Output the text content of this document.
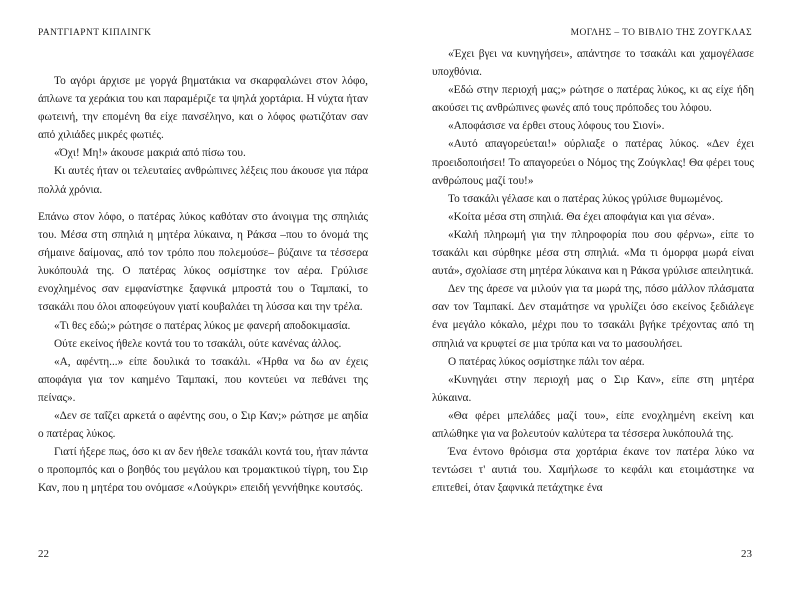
ΡΑΝΤΓΙΑΡΝΤ ΚΙΠΛΙΝΓΚ

Το αγόρι άρχισε με γοργά βηματάκια να σκαρφαλώνει στον λόφο, άπλωνε τα χεράκια του και παραμέριζε τα ψηλά χορτάρια. Η νύχτα ήταν φωτεινή, την επομένη θα είχε πανσέληνο, και ο λόφος φωτιζόταν σαν από χιλιάδες μικρές φωτιές.

«Όχι! Μη!» άκουσε μακριά από πίσω του.

Κι αυτές ήταν οι τελευταίες ανθρώπινες λέξεις που άκουσε για πάρα πολλά χρόνια.

Επάνω στον λόφο, ο πατέρας λύκος καθόταν στο άνοιγμα της σπηλιάς του. Μέσα στη σπηλιά η μητέρα λύκαινα, η Ράκσα –που το όνομά της σήμαινε δαίμονας, από τον τρόπο που πολεμούσε– βύζαινε τα τέσσερα λυκόπουλά της. Ο πατέρας λύκος οσμίστηκε τον αέρα. Γρύλισε ενοχλημένος σαν εμφανίστηκε ξαφνικά μπροστά του ο Ταμπακί, το τσακάλι που όλοι αποφεύγουν γιατί κουβαλάει τη λύσσα και την τρέλα.

«Τι θες εδώ;» ρώτησε ο πατέρας λύκος με φανερή αποδοκιμασία.

Ούτε εκείνος ήθελε κοντά του το τσακάλι, ούτε κανένας άλλος.

«Α, αφέντη...» είπε δουλικά το τσακάλι. «Ήρθα να δω αν έχεις αποφάγια για τον καημένο Ταμπακί, που κοντεύει να πεθάνει της πείνας».

«Δεν σε ταΐζει αρκετά ο αφέντης σου, ο Σιρ Καν;» ρώτησε με αηδία ο πατέρας λύκος.

Γιατί ήξερε πως, όσο κι αν δεν ήθελε τσακάλι κοντά του, ήταν πάντα ο προπομπός και ο βοηθός του μεγάλου και τρομακτικού τίγρη, του Σιρ Καν, που η μητέρα του ονόμασε «Λούγκρι» επειδή γεννήθηκε κουτσός.

22
ΜΟΓΛΗΣ – ΤΟ ΒΙΒΛΙΟ ΤΗΣ ΖΟΥΓΚΛΑΣ

«Έχει βγει να κυνηγήσει», απάντησε το τσακάλι και χαμογέλασε υποχθόνια.

«Εδώ στην περιοχή μας;» ρώτησε ο πατέρας λύκος, κι ας είχε ήδη ακούσει τις ανθρώπινες φωνές από τους πρόποδες του λόφου.

«Αποφάσισε να έρθει στους λόφους του Σιονί».

«Αυτό απαγορεύεται!» ούρλιαξε ο πατέρας λύκος. «Δεν έχει προειδοποιήσει! Το απαγορεύει ο Νόμος της Ζούγκλας! Θα φέρει τους ανθρώπους μαζί του!»

Το τσακάλι γέλασε και ο πατέρας λύκος γρύλισε θυμωμένος.

«Κοίτα μέσα στη σπηλιά. Θα έχει αποφάγια και για σένα».

«Καλή πληρωμή για την πληροφορία που σου φέρνω», είπε το τσακάλι και σύρθηκε μέσα στη σπηλιά. «Μα τι όμορφα μωρά είναι αυτά», σχολίασε στη μητέρα λύκαινα και η Ράκσα γρύλισε απειλητικά.

Δεν της άρεσε να μιλούν για τα μωρά της, πόσο μάλλον πλάσματα σαν τον Ταμπακί. Δεν σταμάτησε να γρυλίζει όσο εκείνος ξεδιάλεγε ένα μεγάλο κόκαλο, μέχρι που το τσακάλι βγήκε τρέχοντας από τη σπηλιά να κρυφτεί σε μια τρύπα και να το μασουλήσει.

Ο πατέρας λύκος οσμίστηκε πάλι τον αέρα.

«Κυνηγάει στην περιοχή μας ο Σιρ Καν», είπε στη μητέρα λύκαινα.

«Θα φέρει μπελάδες μαζί του», είπε ενοχλημένη εκείνη και απλώθηκε για να βολευτούν καλύτερα τα τέσσερα λυκόπουλά της.

Ένα έντονο θρόισμα στα χορτάρια έκανε τον πατέρα λύκο να τεντώσει τ' αυτιά του. Χαμήλωσε το κεφάλι και ετοιμάστηκε να επιτεθεί, όταν ξαφνικά πετάχτηκε ένα

23
